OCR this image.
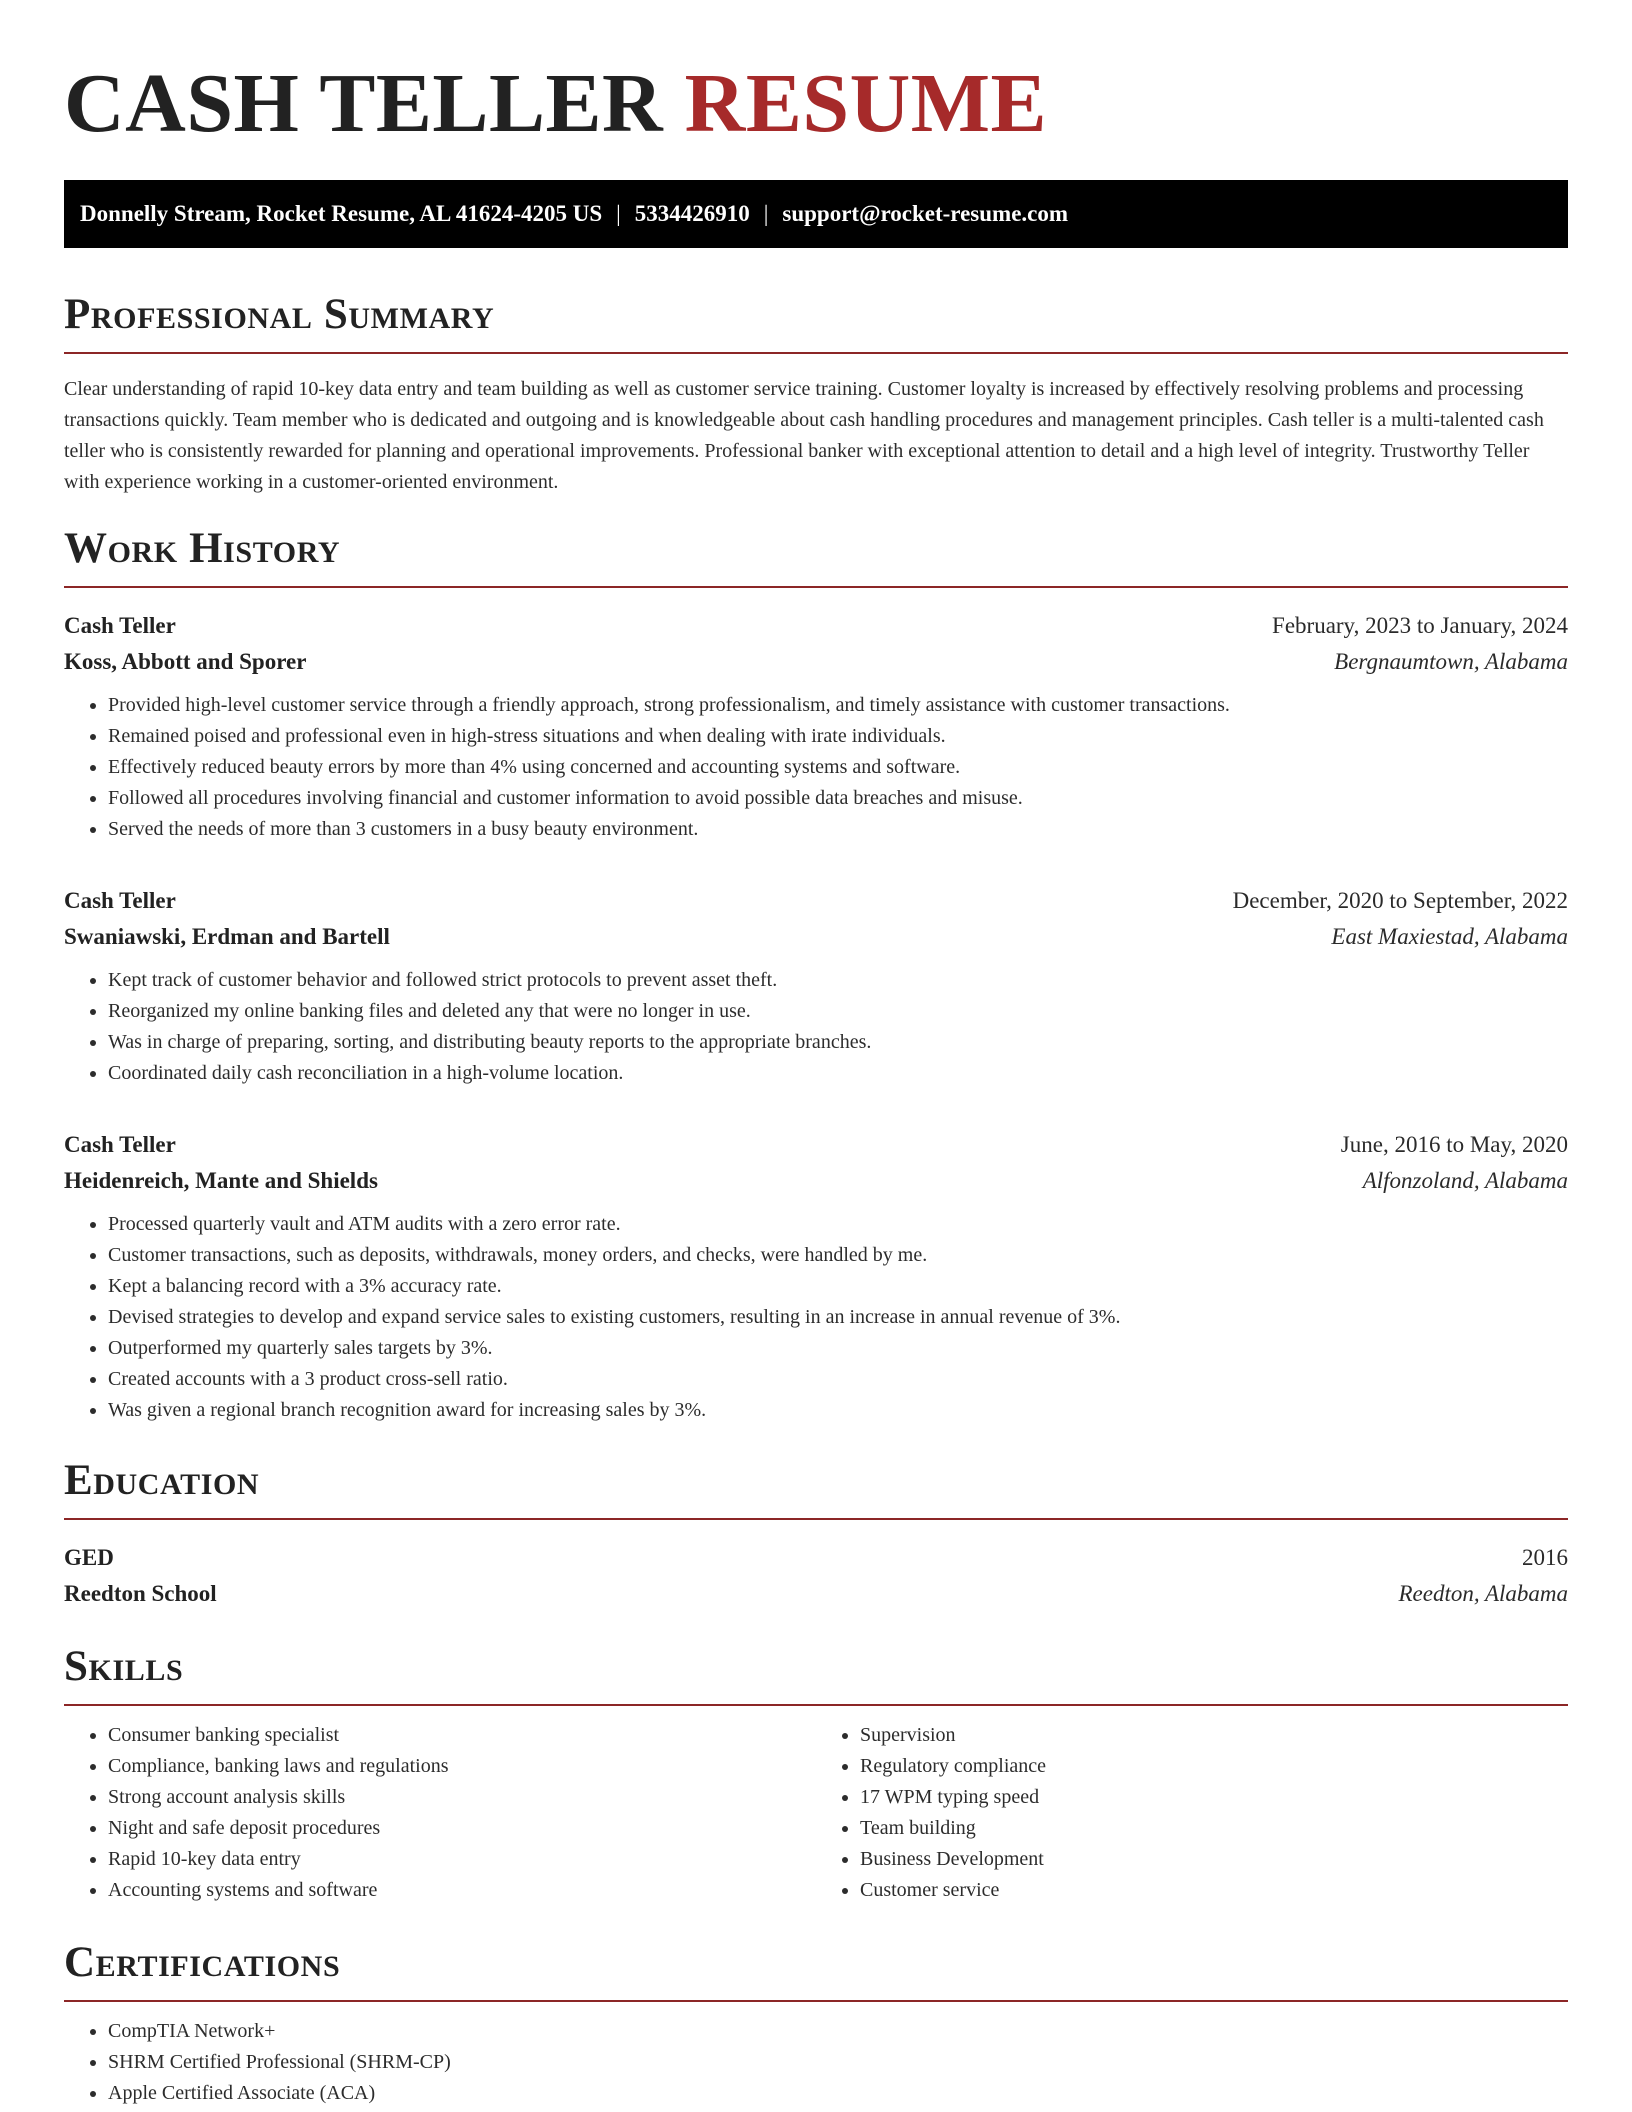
CASH TELLER RESUME
Donnelly Stream, Rocket Resume, AL 41624-4205 US | 5334426910 | support@rocket-resume.com
Professional Summary

Clear understanding of rapid 10-key data entry and team building as well as customer service training. Customer loyalty is increased by effectively resolving problems and processing transactions quickly. Team member who is dedicated and outgoing and is knowledgeable about cash handling procedures and management principles. Cash teller is a multi-talented cash teller who is consistently rewarded for planning and operational improvements. Professional banker with exceptional attention to detail and a high level of integrity. Trustworthy Teller with experience working in a customer-oriented environment.

Work History
Cash Teller	February, 2023 to January, 2024
Koss, Abbott and Sporer	Bergnaumtown, Alabama
• Provided high-level customer service through a friendly approach, strong professionalism, and timely assistance with customer transactions.
• Remained poised and professional even in high-stress situations and when dealing with irate individuals.
• Effectively reduced beauty errors by more than 4% using concerned and accounting systems and software.
• Followed all procedures involving financial and customer information to avoid possible data breaches and misuse.
• Served the needs of more than 3 customers in a busy beauty environment.
Cash Teller	December, 2020 to September, 2022
Swaniawski, Erdman and Bartell	East Maxiestad, Alabama
• Kept track of customer behavior and followed strict protocols to prevent asset theft.
• Reorganized my online banking files and deleted any that were no longer in use.
• Was in charge of preparing, sorting, and distributing beauty reports to the appropriate branches.
• Coordinated daily cash reconciliation in a high-volume location.
Cash Teller	June, 2016 to May, 2020
Heidenreich, Mante and Shields	Alfonzoland, Alabama
• Processed quarterly vault and ATM audits with a zero error rate.
• Customer transactions, such as deposits, withdrawals, money orders, and checks, were handled by me.
• Kept a balancing record with a 3% accuracy rate.
• Devised strategies to develop and expand service sales to existing customers, resulting in an increase in annual revenue of 3%.
• Outperformed my quarterly sales targets by 3%.
• Created accounts with a 3 product cross-sell ratio.
• Was given a regional branch recognition award for increasing sales by 3%.
Education
GED	2016
Reedton School	Reedton, Alabama
Skills
• Consumer banking specialist
• Compliance, banking laws and regulations
• Strong account analysis skills
• Night and safe deposit procedures
• Rapid 10-key data entry
• Accounting systems and software
• Supervision
• Regulatory compliance
• 17 WPM typing speed
• Team building
• Business Development
• Customer service
Certifications
• CompTIA Network+
• SHRM Certified Professional (SHRM-CP)
• Apple Certified Associate (ACA)
